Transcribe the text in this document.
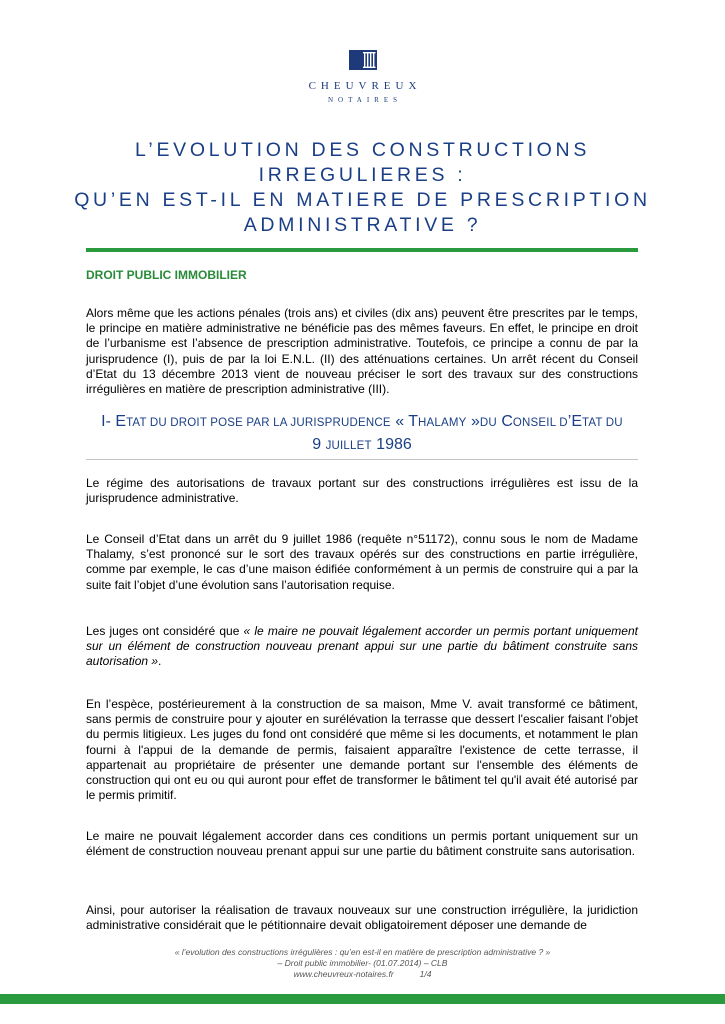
CHEUVREUX
NOTAIRES
L’EVOLUTION DES CONSTRUCTIONS
IRREGULIERES :
QU’EN EST-IL EN MATIERE DE PRESCRIPTION
ADMINISTRATIVE ?

DROIT PUBLIC IMMOBILIER

Alors même que les actions pénales (trois ans) et civiles (dix ans) peuvent être prescrites par le temps, le principe en matière administrative ne bénéficie pas des mêmes faveurs. En effet, le principe en droit de l’urbanisme est l’absence de prescription administrative. Toutefois, ce principe a connu de par la jurisprudence (I), puis de par la loi E.N.L. (II) des atténuations certaines. Un arrêt récent du Conseil d’Etat du 13 décembre 2013 vient de nouveau préciser le sort des travaux sur des constructions irrégulières en matière de prescription administrative (III).

I- ETAT DU DROIT POSE PAR LA JURISPRUDENCE « THALAMY »DU CONSEIL D’ETAT DU
9 JUILLET 1986

Le régime des autorisations de travaux portant sur des constructions irrégulières est issu de la jurisprudence administrative.

Le Conseil d’Etat dans un arrêt du 9 juillet 1986 (requête n°51172), connu sous le nom de Madame Thalamy, s’est prononcé sur le sort des travaux opérés sur des constructions en partie irrégulière, comme par exemple, le cas d’une maison édifiée conformément à un permis de construire qui a par la suite fait l’objet d’une évolution sans l’autorisation requise.

Les juges ont considéré que « le maire ne pouvait légalement accorder un permis portant uniquement sur un élément de construction nouveau prenant appui sur une partie du bâtiment construite sans autorisation ».

En l’espèce, postérieurement à la construction de sa maison, Mme V. avait transformé ce bâtiment, sans permis de construire pour y ajouter en surélévation la terrasse que dessert l'escalier faisant l'objet du permis litigieux. Les juges du fond ont considéré que même si les documents, et notamment le plan fourni à l'appui de la demande de permis, faisaient apparaître l'existence de cette terrasse, il appartenait au propriétaire de présenter une demande portant sur l'ensemble des éléments de construction qui ont eu ou qui auront pour effet de transformer le bâtiment tel qu'il avait été autorisé par le permis primitif.

Le maire ne pouvait légalement accorder dans ces conditions un permis portant uniquement sur un élément de construction nouveau prenant appui sur une partie du bâtiment construite sans autorisation.

Ainsi, pour autoriser la réalisation de travaux nouveaux sur une construction irrégulière, la juridiction administrative considérait que le pétitionnaire devait obligatoirement déposer une demande de

« l’evolution des constructions irrégulières : qu’en est-il en matière de prescription administrative ? »
– Droit public immobilier- (01.07.2014) – CLB
www.cheuvreux-notaires.fr	1/4
